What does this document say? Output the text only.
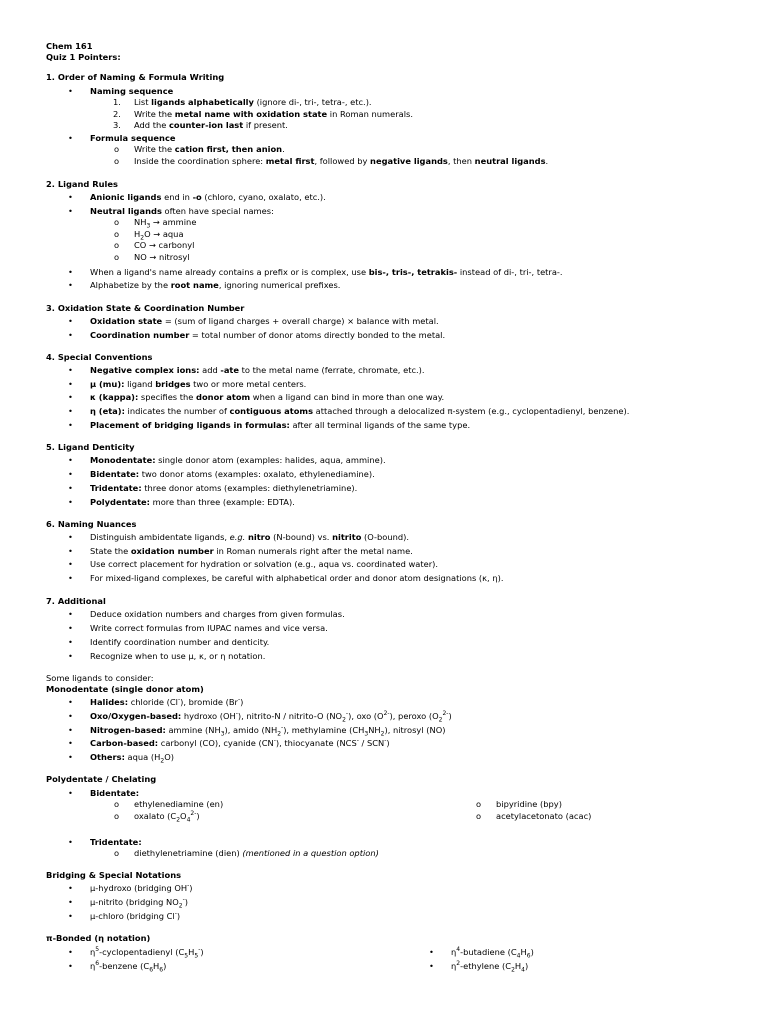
Chem 161
Quiz 1 Pointers:
1. Order of Naming & Formula Writing
• Naming sequence
• Formula sequence
2. Ligand Rules
3. Oxidation State & Coordination Number
4. Special Conventions
5. Ligand Denticity
6. Naming Nuances
7. Additional
Some ligands to consider:
Monodentate (single donor atom)
Polydentate / Chelating
• Bidentate:
• Tridentate:
Bridging & Special Notations
π-Bonded (η notation)
1. List ligands alphabetically (ignore di-, tri-, tetra-, etc.).
2. Write the metal name with oxidation state in Roman numerals.
3. Add the counter-ion last if present.
o Write the cation first, then anion.
o Inside the coordination sphere: metal first, followed by negative ligands, then neutral ligands.
• Anionic ligands end in -o (chloro, cyano, oxalato, etc.).
• Neutral ligands often have special names:
o $NH_3 \to ammine$
o $H_2O$ → aqua
o CO → carbonyl
o NO → nitrosyl
• When a ligand's name already contains a prefix or is complex, use bis-, tris-, tetrakis- instead of di-, tri-, tetra-.
• Alphabetize by the root name, ignoring numerical prefixes.
• Oxidation state = (sum of ligand charges + overall charge) × balance with metal.
• Coordination number = total number of donor atoms directly bonded to the metal.
• Negative complex ions: add -ate to the metal name (ferrate, chromate, etc.).
• μ (mu): ligand bridges two or more metal centers.
• κ (kappa): specifies the donor atom when a ligand can bind in more than one way.
• η (eta): indicates the number of contiguous atoms attached through a delocalized π-system (e.g., cyclopentadienyl, benzene).
• Placement of bridging ligands in formulas: after all terminal ligands of the same type.
• Monodentate: single donor atom (examples: halides, aqua, ammine).
• Bidentate: two donor atoms (examples: oxalato, ethylenediamine).
• Tridentate: three donor atoms (examples: diethylenetriamine).
• Polydentate: more than three (example: EDTA).
• Distinguish ambidentate ligands, e.g. nitro (N-bound) vs. nitrito (O-bound).
• State the oxidation number in Roman numerals right after the metal name.
• Use correct placement for hydration or solvation (e.g., aqua vs. coordinated water).
• For mixed-ligand complexes, be careful with alphabetical order and donor atom designations (κ, η).
• Deduce oxidation numbers and charges from given formulas.
• Write correct formulas from IUPAC names and vice versa.
• Identify coordination number and denticity.
• Recognize when to use μ, κ, or η notation.
• Halides: chloride (Cl-), bromide (Br-)
• Oxo/Oxygen-based: hydroxo (OH-), nitrito-N / nitrito-O $(NO_2^-)$, oxo $(O^{2-})$, peroxo $(O_2^{2-})$
• Nitrogen-based: ammine $(NH_3)$, amido $(NH_2^-)$, methylamine $(CH_3NH_2)$, nitrosyl (NO)
• Carbon-based: carbonyl (CO), cyanide (CN-), thiocyanate (NCS- / SCN-)
• Others: aqua $(H_2O)$
o ethylenediamine (en)
o oxalato $(C_2O_4^{2-})$
o bipyridine (bpy)
o acetylacetonato (acac)
o diethylenetriamine (dien) (mentioned in a question option)
• μ-hydroxo (bridging OH-)
• μ-nitrito (bridging $NO_2^-$)
• μ-chloro (bridging Cl-)
• $\eta^5$-cyclopentadienyl $(C_5H_5^-)$
• $\eta^6$-benzene $(C_6H_6)$
• $\eta^4$-butadiene $(C_4H_6)$
• $\eta^2$-ethylene $(C_2H_4)$
